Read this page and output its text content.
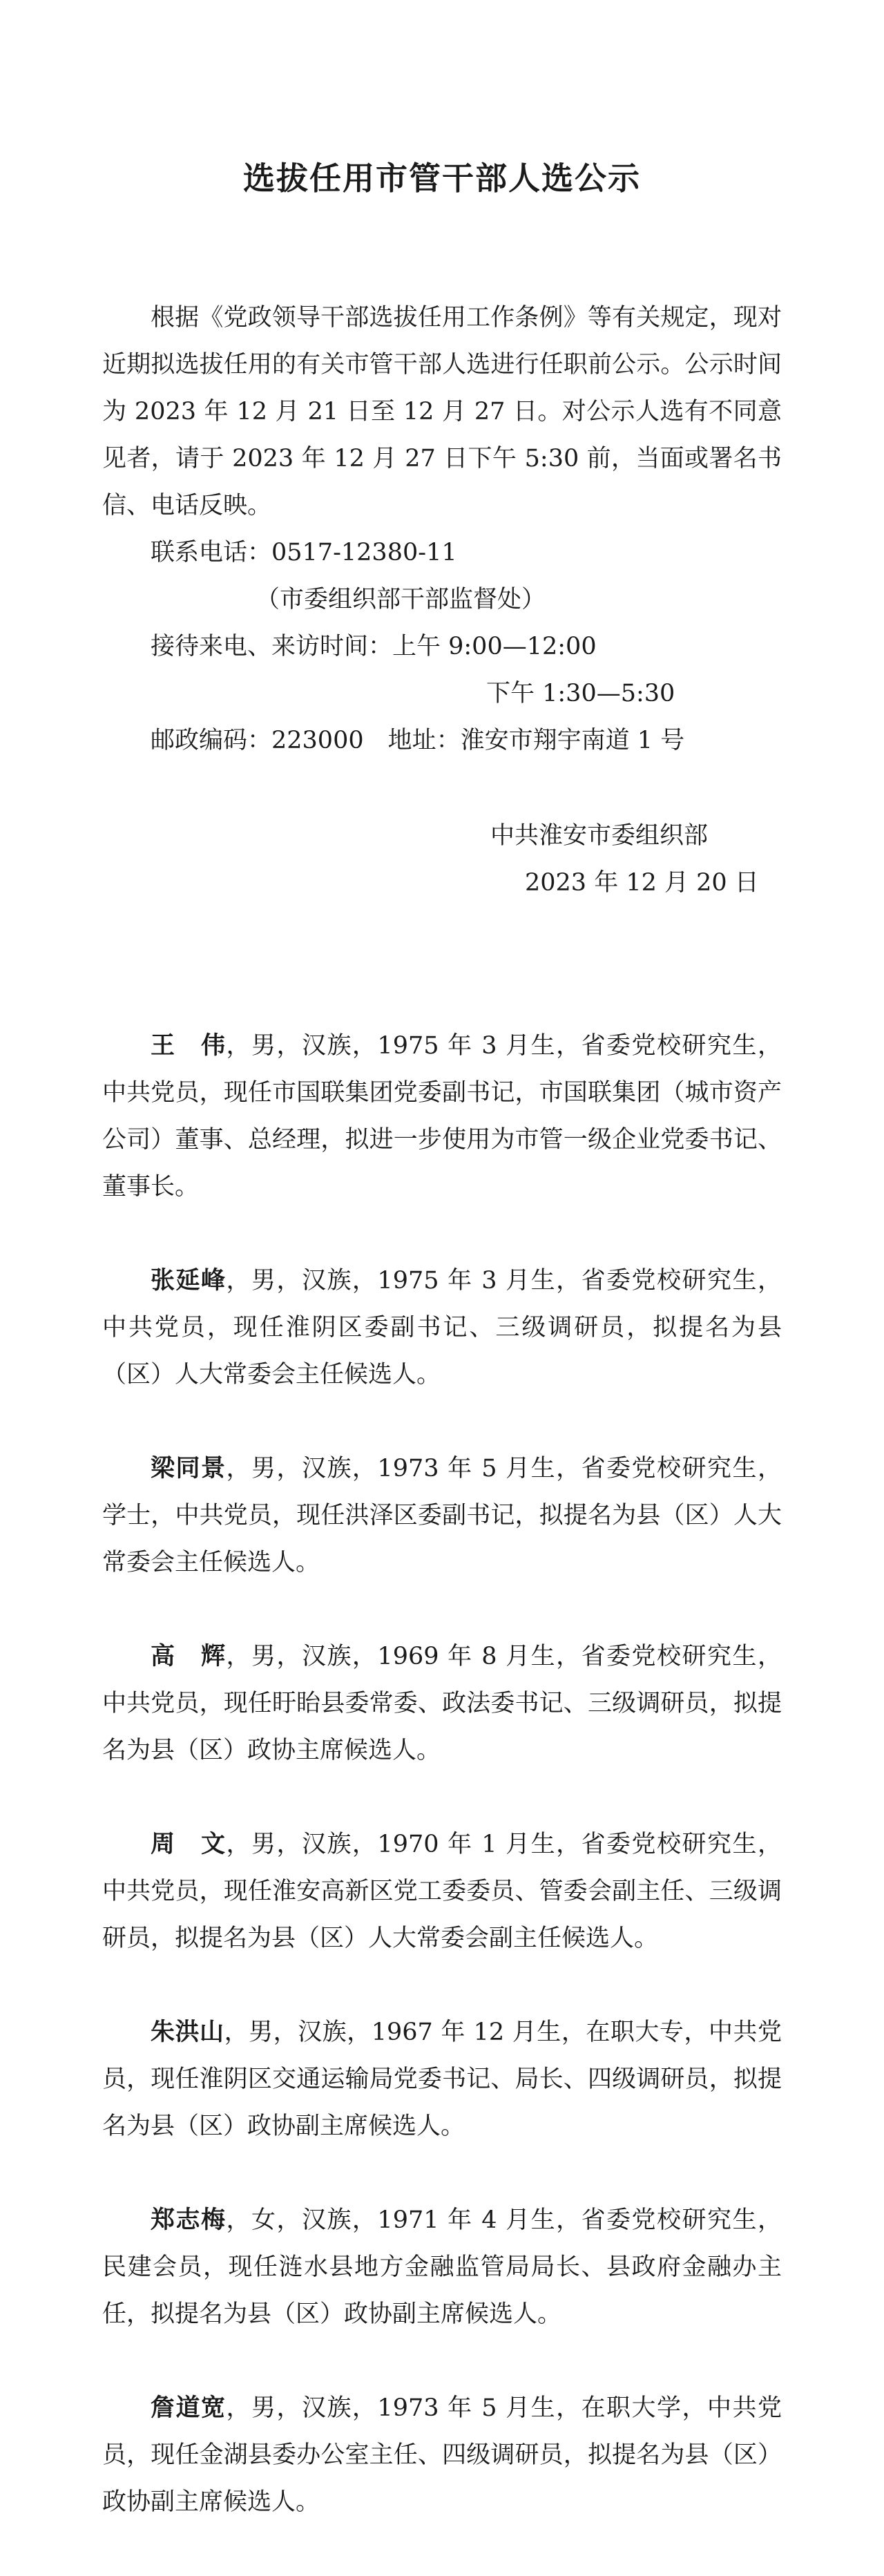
选拔任用市管干部人选公示

根据《党政领导干部选拔任用工作条例》等有关规定，现对近期拟选拔任用的有关市管干部人选进行任职前公示。公示时间为 2023 年 12 月 21 日至 12 月 27 日。对公示人选有不同意见者，请于 2023 年 12 月 27 日下午 5:30 前，当面或署名书信、电话反映。

联系电话：0517-12380-11
（市委组织部干部监督处）
接待来电、来访时间：上午 9:00—12:00
下午 1:30—5:30
邮政编码：223000　地址：淮安市翔宇南道 1 号
中共淮安市委组织部
2023 年 12 月 20 日

王　伟，男，汉族，1975 年 3 月生，省委党校研究生，中共党员，现任市国联集团党委副书记，市国联集团（城市资产公司）董事、总经理，拟进一步使用为市管一级企业党委书记、董事长。

张延峰，男，汉族，1975 年 3 月生，省委党校研究生，中共党员，现任淮阴区委副书记、三级调研员，拟提名为县（区）人大常委会主任候选人。

梁同景，男，汉族，1973 年 5 月生，省委党校研究生，学士，中共党员，现任洪泽区委副书记，拟提名为县（区）人大常委会主任候选人。

高　辉，男，汉族，1969 年 8 月生，省委党校研究生，中共党员，现任盱眙县委常委、政法委书记、三级调研员，拟提名为县（区）政协主席候选人。

周　文，男，汉族，1970 年 1 月生，省委党校研究生，中共党员，现任淮安高新区党工委委员、管委会副主任、三级调研员，拟提名为县（区）人大常委会副主任候选人。

朱洪山，男，汉族，1967 年 12 月生，在职大专，中共党员，现任淮阴区交通运输局党委书记、局长、四级调研员，拟提名为县（区）政协副主席候选人。

郑志梅，女，汉族，1971 年 4 月生，省委党校研究生，民建会员，现任涟水县地方金融监管局局长、县政府金融办主任，拟提名为县（区）政协副主席候选人。

詹道宽，男，汉族，1973 年 5 月生，在职大学，中共党员，现任金湖县委办公室主任、四级调研员，拟提名为县（区）政协副主席候选人。
